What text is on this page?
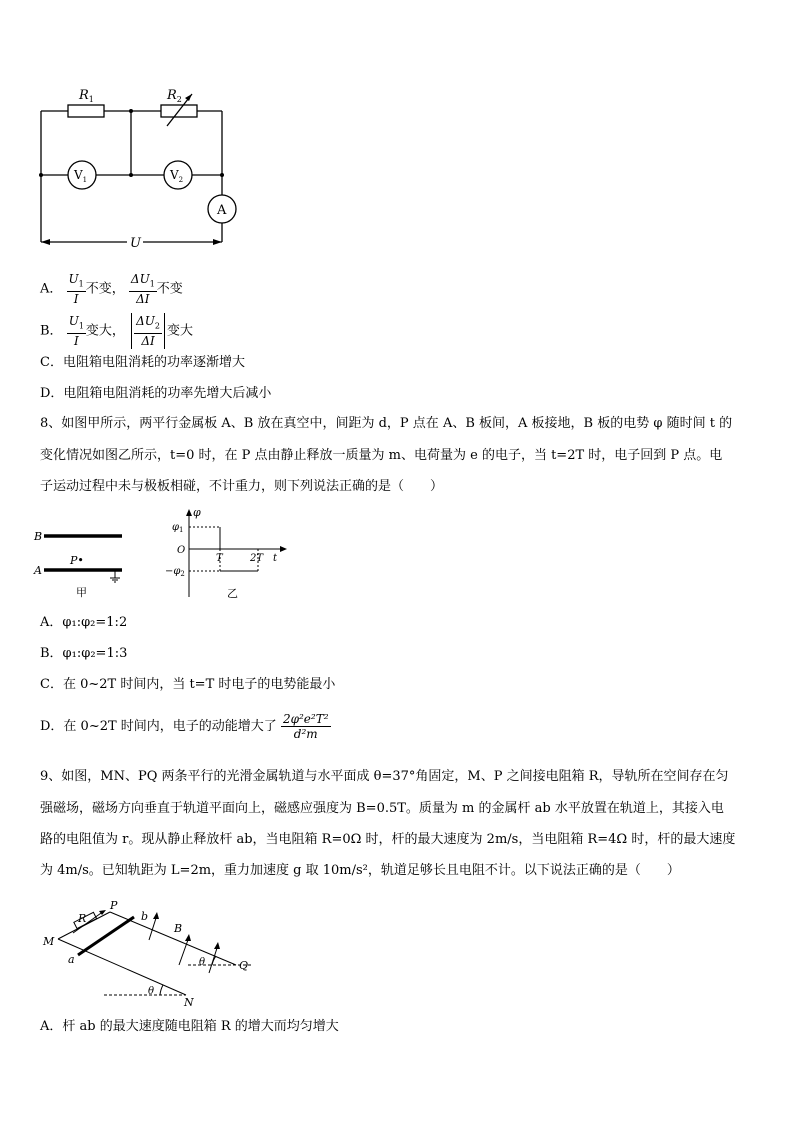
$R_1$	$R_2$
$V_1$	$V_2$
A
U
A． $\frac{U_1}{I}$ 不变， $\frac{\Delta U_1}{\Delta I}$ 不变
B． $\frac{U_1}{I}$ 变大， $\frac{\Delta U_2}{\Delta I}$ 变大
C．电阻箱电阻消耗的功率逐渐增大
D．电阻箱电阻消耗的功率先增大后减小
8、如图甲所示，两平行金属板 A、B 放在真空中，间距为 d，P 点在 A、B 板间，A 板接地，B 板的电势 φ 随时间 t 的
变化情况如图乙所示，t=0 时，在 P 点由静止释放一质量为 m、电荷量为 e 的电子，当 t=2T 时，电子回到 P 点。电
子运动过程中未与极板相碰，不计重力，则下列说法正确的是（　　）
B
A
P•
甲
φ
$\varphi_1$
O
T	2T t
$-\varphi_2$
乙
A．φ₁:φ₂=1:2
B．φ₁:φ₂=1:3
C．在 0~2T 时间内，当 t=T 时电子的电势能最小
D．在 0~2T 时间内，电子的动能增大了 $\frac{\text{2φ²e²T²}}{\text{d²m}}$
9、如图，MN、PQ 两条平行的光滑金属轨道与水平面成 θ=37°角固定，M、P 之间接电阻箱 R，导轨所在空间存在匀
强磁场，磁场方向垂直于轨道平面向上，磁感应强度为 B=0.5T。质量为 m 的金属杆 ab 水平放置在轨道上，其接入电
路的电阻值为 r。现从静止释放杆 ab，当电阻箱 R=0Ω 时，杆的最大速度为 2m/s，当电阻箱 R=4Ω 时，杆的最大速度
为 4m/s。已知轨距为 L=2m，重力加速度 g 取 10m/s²，轨道足够长且电阻不计。以下说法正确的是（　　）
M
P
R	b
B
a	θ	Q
θ
N
A．杆 ab 的最大速度随电阻箱 R 的增大而均匀增大
